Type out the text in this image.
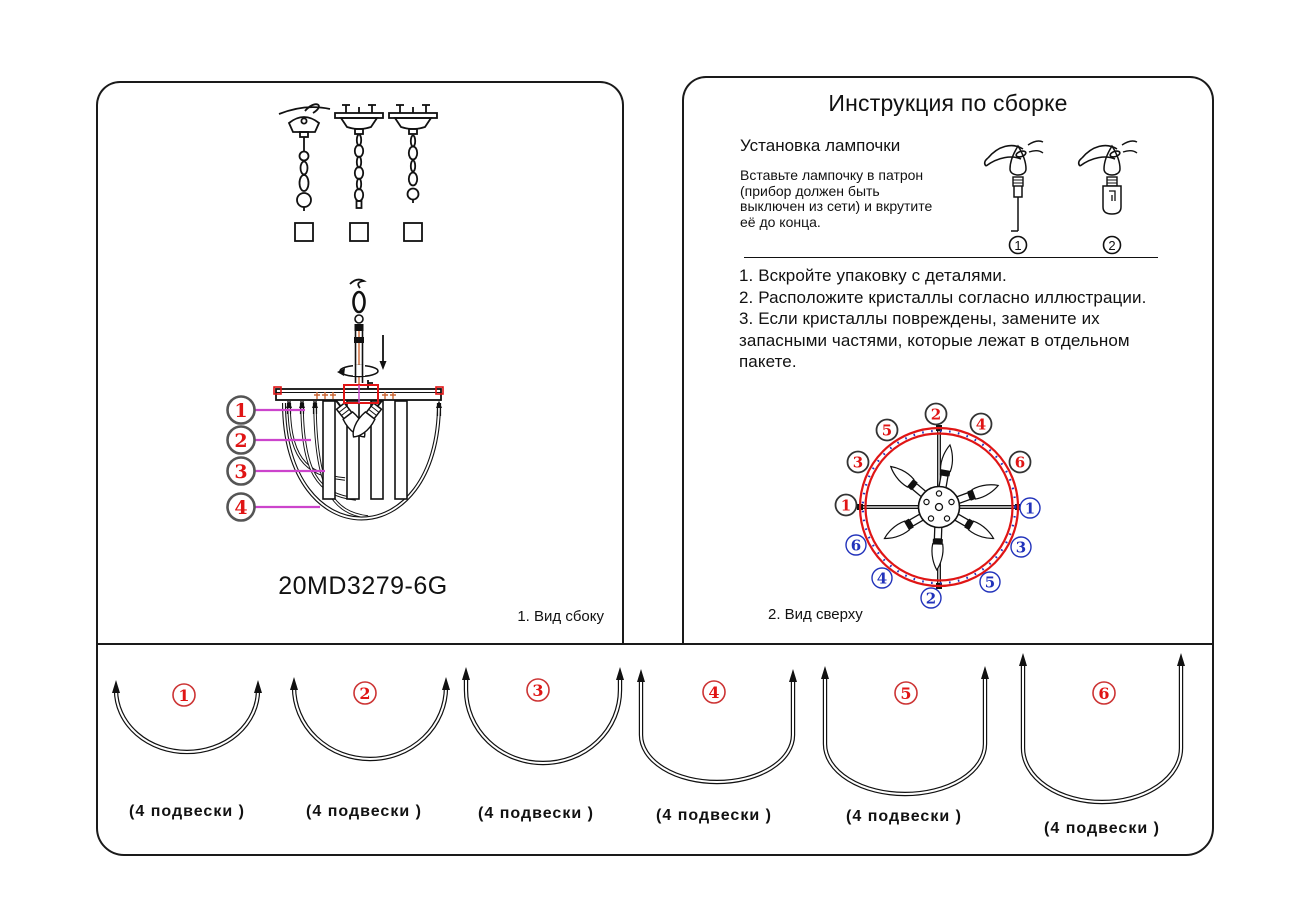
1
2
3
4
20MD3279-6G
1. Вид сбоку
Инструкция по сборке
Установка лампочки
Вставьте лампочку в патрон
(прибор должен быть
выключен из сети) и вкрутите
её до конца.
1	2
1. Вскройте упаковку с деталями.
2. Расположите кристаллы согласно иллюстрации.
3. Если кристаллы повреждены, замените их
запасными частями, которые лежат в отдельном
пакете.
1
3
5
2
4
6
1
3
5
2
4
6
2. Вид сверху
1
(4 подвески )
2
(4 подвески )
3
(4 подвески )
4
(4 подвески )
5
(4 подвески )
6
(4 подвески )
